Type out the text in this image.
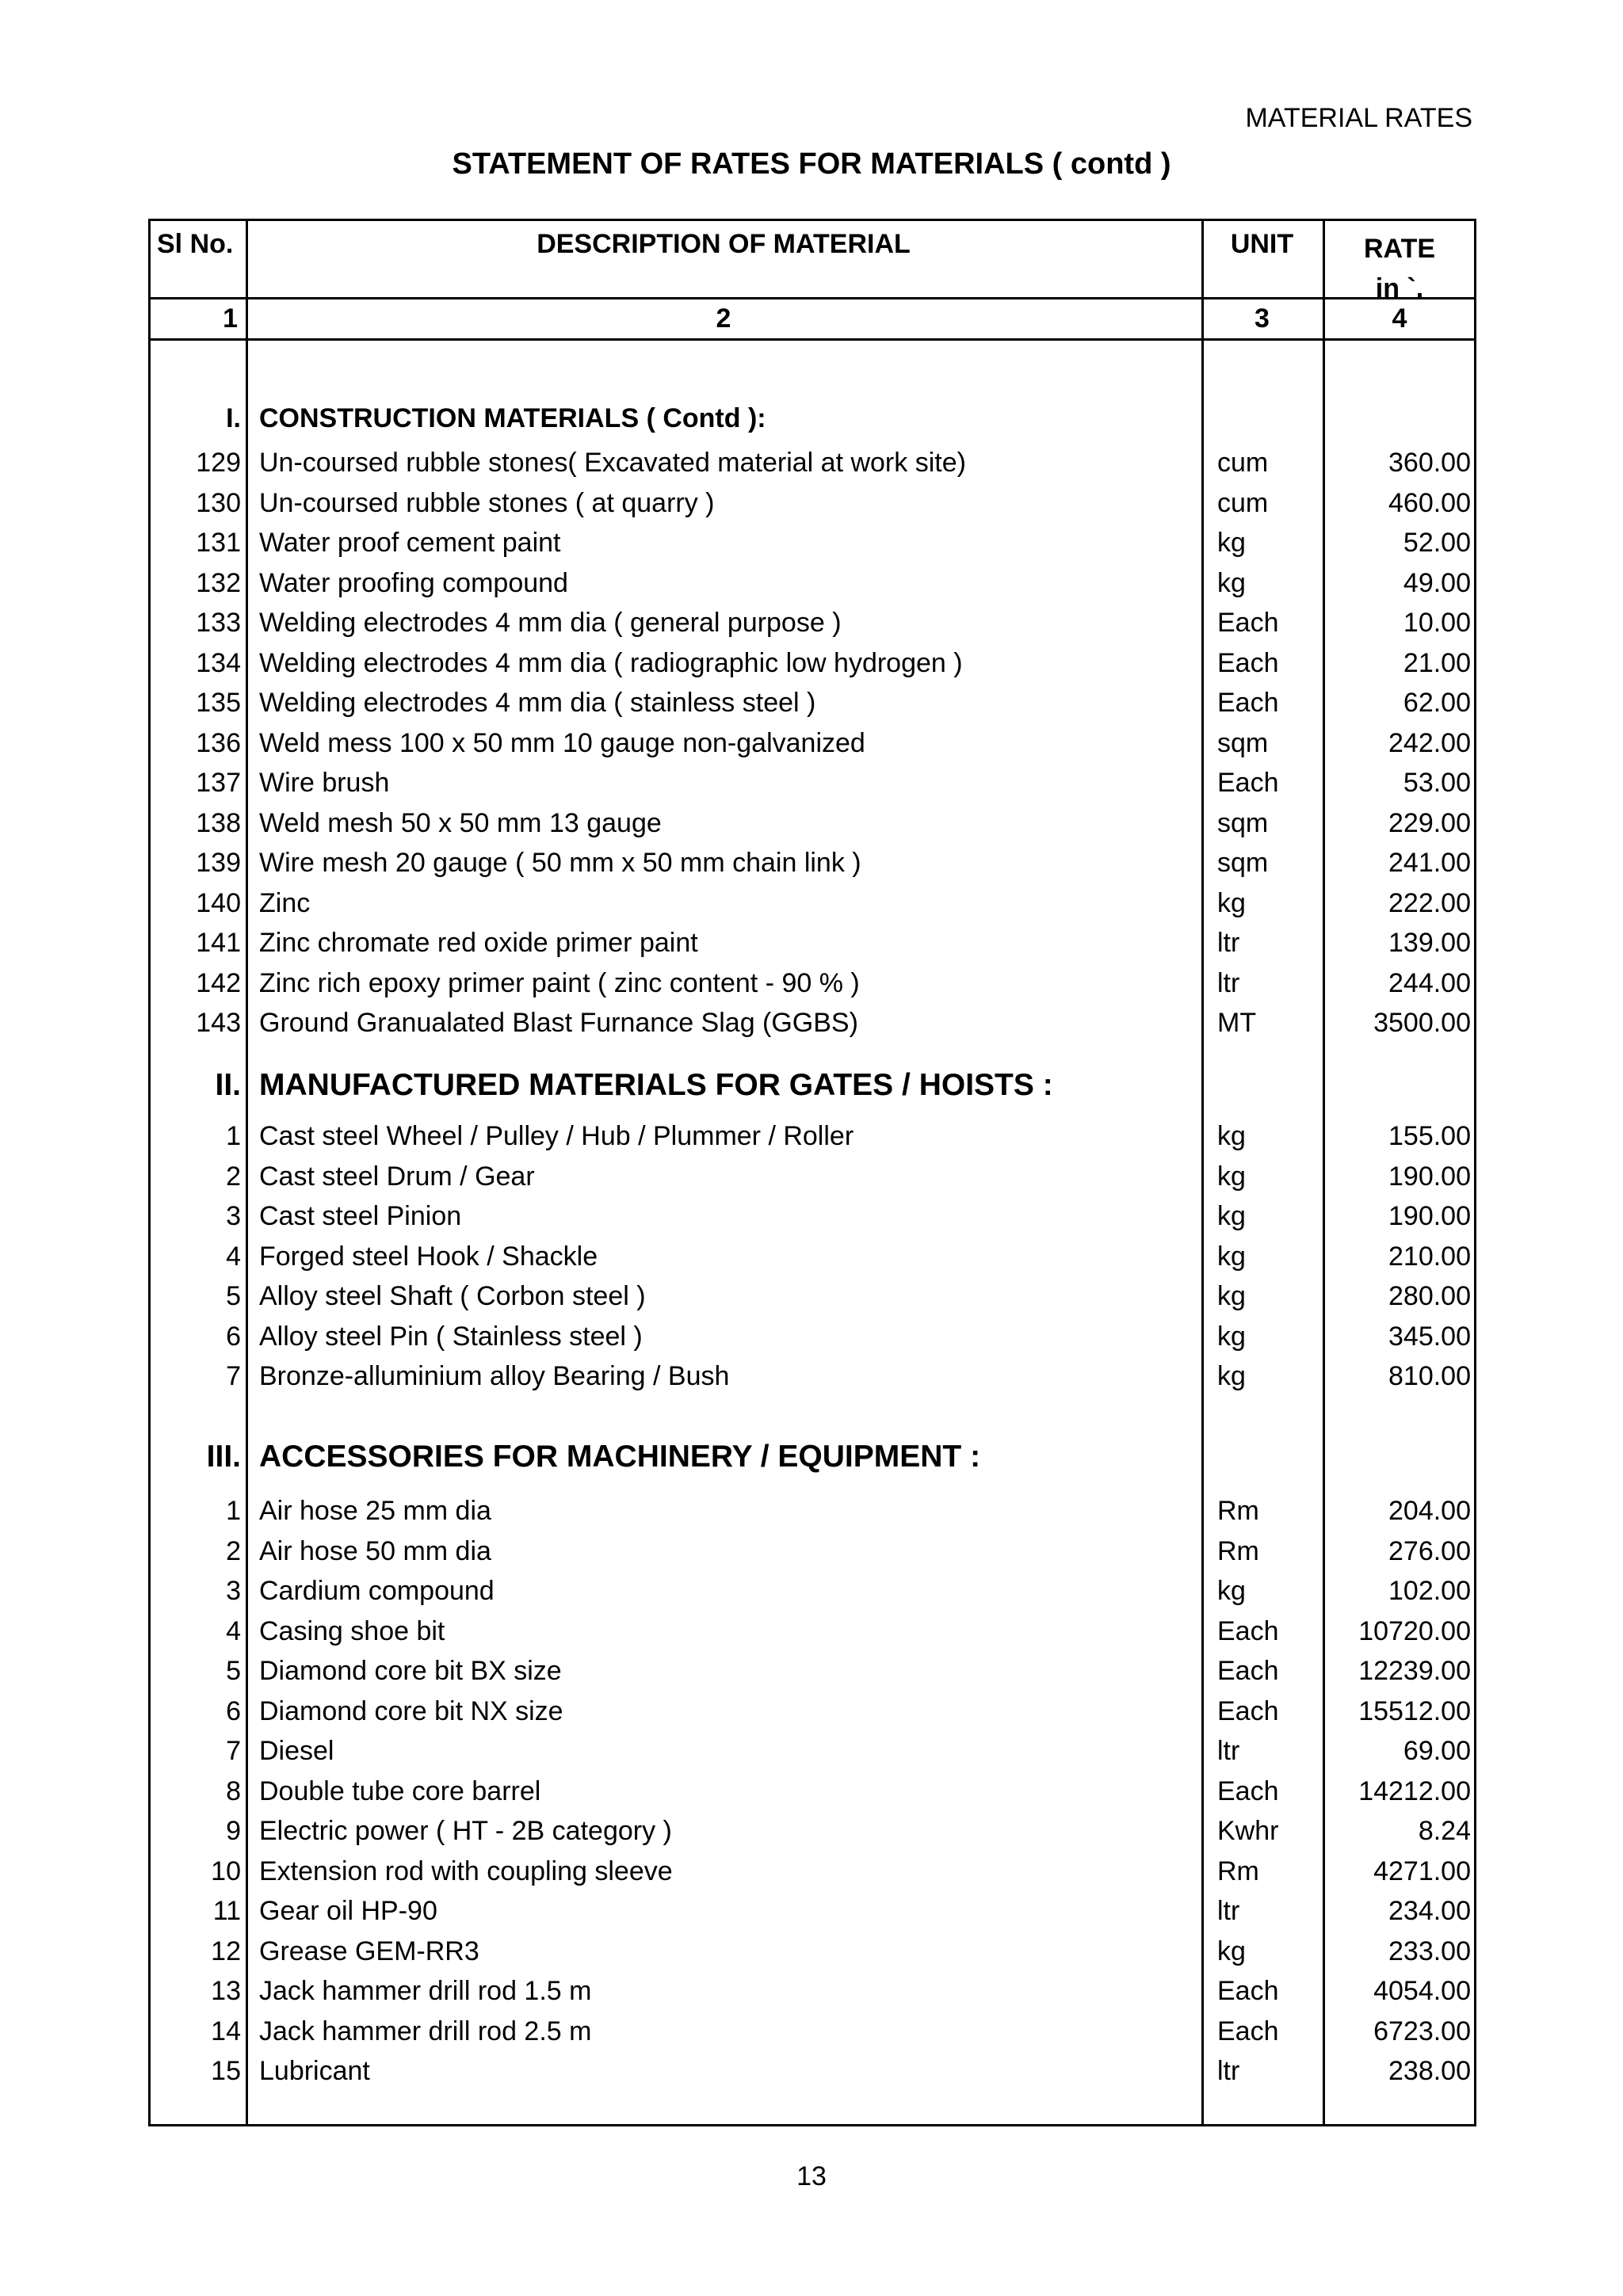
MATERIAL RATES
STATEMENT OF RATES FOR MATERIALS ( contd )
Sl No.	DESCRIPTION OF MATERIAL	UNIT	RATE
in `.
1	2	3	4
I. CONSTRUCTION MATERIALS ( Contd ):
129 Un-coursed rubble stones( Excavated material at work site)	cum	360.00
130 Un-coursed rubble stones ( at quarry )	cum	460.00
131 Water proof cement paint	kg	52.00
132 Water proofing compound	kg	49.00
133 Welding electrodes 4 mm dia ( general purpose )	Each	10.00
134 Welding electrodes 4 mm dia ( radiographic low hydrogen )	Each	21.00
135 Welding electrodes 4 mm dia ( stainless steel )	Each	62.00
136 Weld mess 100 x 50 mm 10 gauge non-galvanized	sqm	242.00
137 Wire brush	Each	53.00
138 Weld mesh 50 x 50 mm 13 gauge	sqm	229.00
139 Wire mesh 20 gauge ( 50 mm x 50 mm chain link )	sqm	241.00
140 Zinc	kg	222.00
141 Zinc chromate red oxide primer paint	ltr	139.00
142 Zinc rich epoxy primer paint ( zinc content - 90 % )	ltr	244.00
143 Ground Granualated Blast Furnance Slag (GGBS)	MT	3500.00
II. MANUFACTURED MATERIALS FOR GATES / HOISTS :
1 Cast steel Wheel / Pulley / Hub / Plummer / Roller	kg	155.00
2 Cast steel Drum / Gear	kg	190.00
3 Cast steel Pinion	kg	190.00
4 Forged steel Hook / Shackle	kg	210.00
5 Alloy steel Shaft ( Corbon steel )	kg	280.00
6 Alloy steel Pin ( Stainless steel )	kg	345.00
7 Bronze-alluminium alloy Bearing / Bush	kg	810.00
III. ACCESSORIES FOR MACHINERY / EQUIPMENT :
1 Air hose 25 mm dia	Rm	204.00
2 Air hose 50 mm dia	Rm	276.00
3 Cardium compound	kg	102.00
4 Casing shoe bit	Each	10720.00
5 Diamond core bit BX size	Each	12239.00
6 Diamond core bit NX size	Each	15512.00
7 Diesel	ltr	69.00
8 Double tube core barrel	Each	14212.00
9 Electric power ( HT - 2B category )	Kwhr	8.24
10 Extension rod with coupling sleeve	Rm	4271.00
11 Gear oil HP-90	ltr	234.00
12 Grease GEM-RR3	kg	233.00
13 Jack hammer drill rod 1.5 m	Each	4054.00
14 Jack hammer drill rod 2.5 m	Each	6723.00
15 Lubricant	ltr	238.00
13
